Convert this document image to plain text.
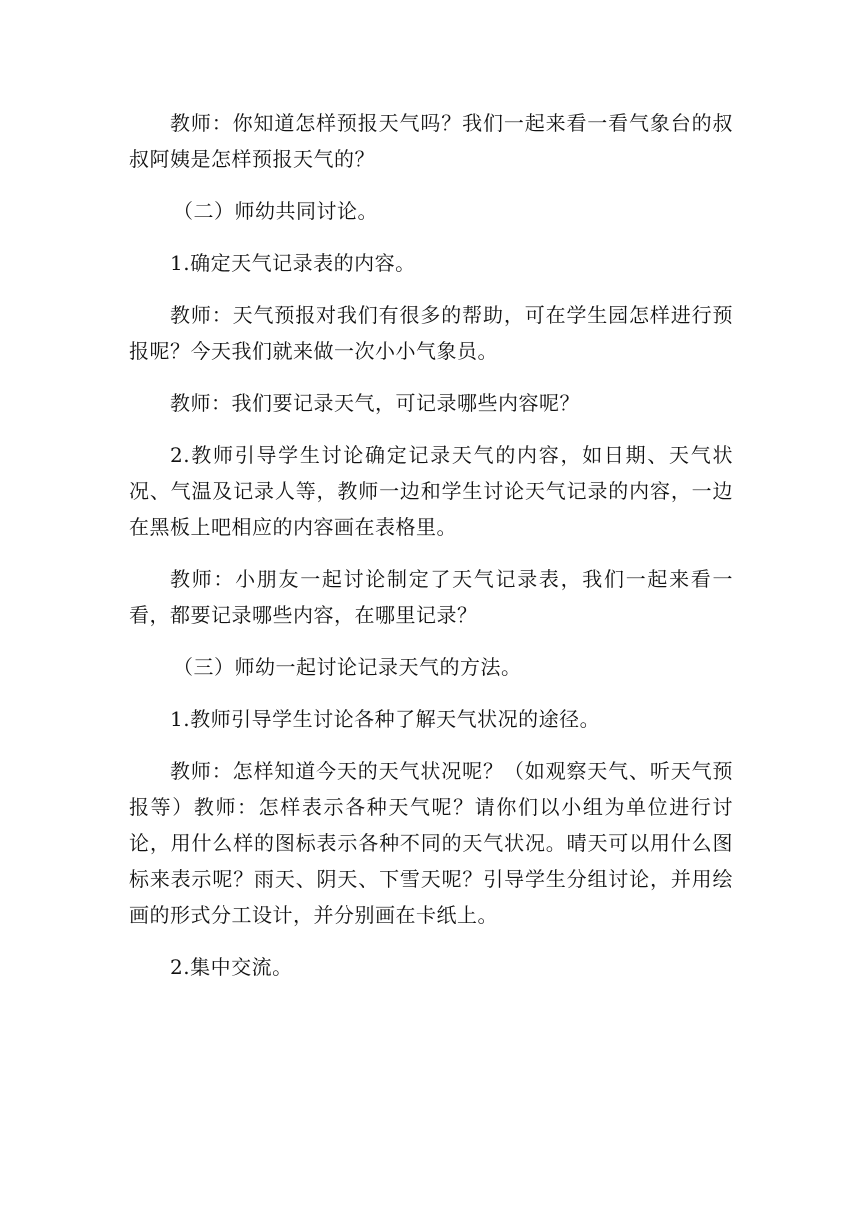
教师：你知道怎样预报天气吗？我们一起来看一看气象台的叔叔阿姨是怎样预报天气的？

（二）师幼共同讨论。

1.确定天气记录表的内容。

教师：天气预报对我们有很多的帮助，可在学生园怎样进行预报呢？今天我们就来做一次小小气象员。

教师：我们要记录天气，可记录哪些内容呢？

2.教师引导学生讨论确定记录天气的内容，如日期、天气状况、气温及记录人等，教师一边和学生讨论天气记录的内容，一边在黑板上吧相应的内容画在表格里。

教师：小朋友一起讨论制定了天气记录表，我们一起来看一看，都要记录哪些内容，在哪里记录？

（三）师幼一起讨论记录天气的方法。

1.教师引导学生讨论各种了解天气状况的途径。

教师：怎样知道今天的天气状况呢？（如观察天气、听天气预报等）教师：怎样表示各种天气呢？请你们以小组为单位进行讨论，用什么样的图标表示各种不同的天气状况。晴天可以用什么图标来表示呢？雨天、阴天、下雪天呢？引导学生分组讨论，并用绘画的形式分工设计，并分别画在卡纸上。

2.集中交流。
